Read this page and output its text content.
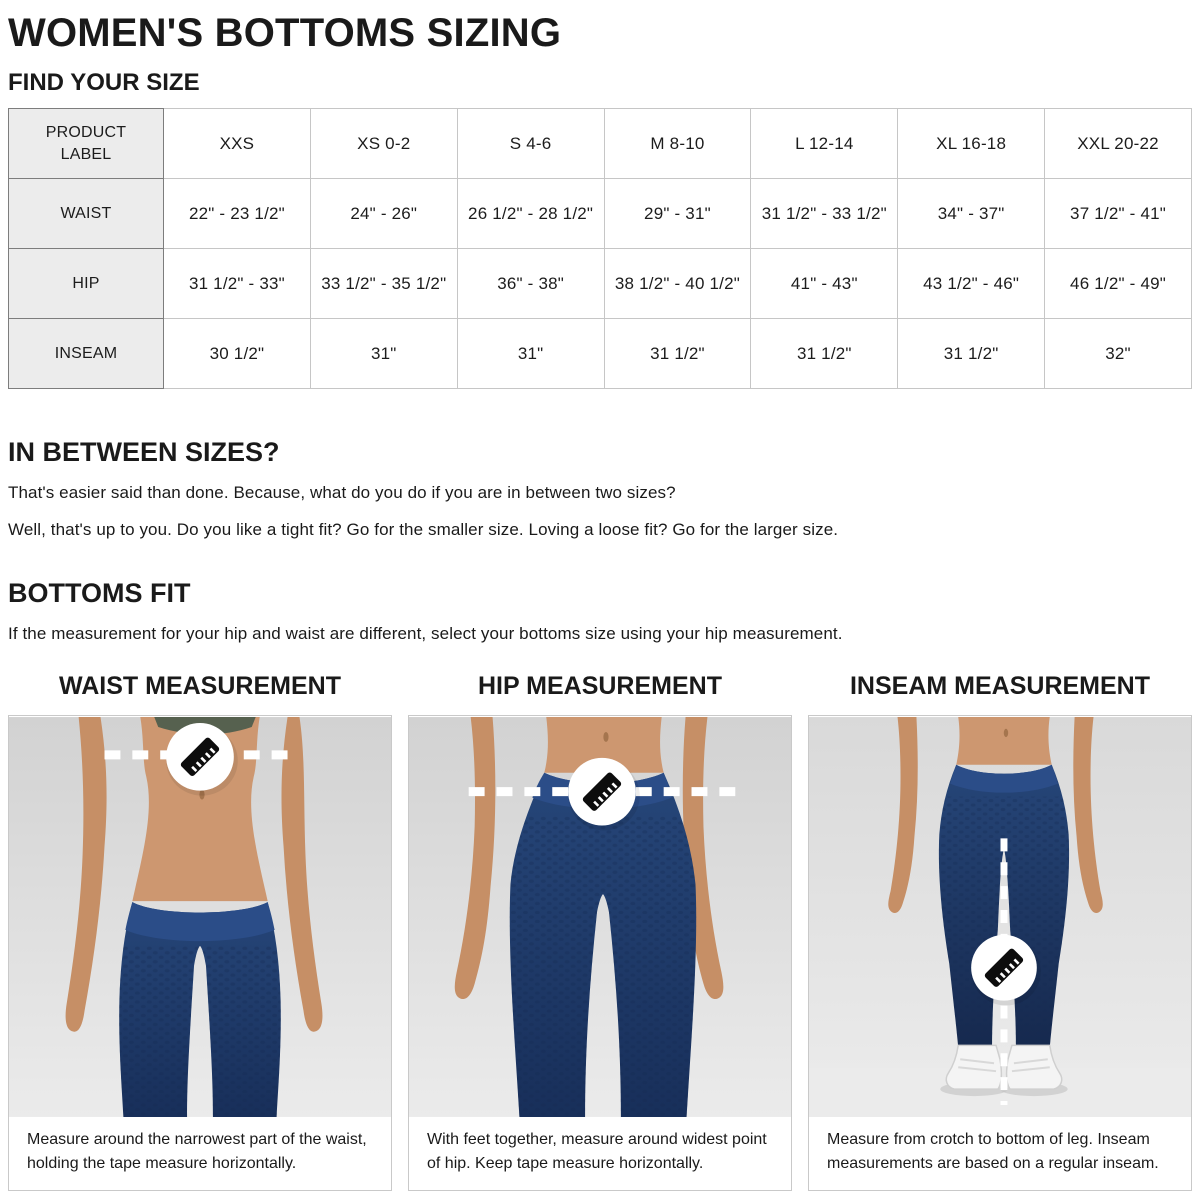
WOMEN'S BOTTOMS SIZING
FIND YOUR SIZE
PRODUCT LABEL	XXS	XS 0-2	S 4-6	M 8-10	L 12-14	XL 16-18	XXL 20-22
WAIST	22" - 23 1/2"	24" - 26"	26 1/2" - 28 1/2"	29" - 31"	31 1/2" - 33 1/2"	34" - 37"	37 1/2" - 41"
HIP	31 1/2" - 33"	33 1/2" - 35 1/2"	36" - 38"	38 1/2" - 40 1/2"	41" - 43"	43 1/2" - 46"	46 1/2" - 49"
INSEAM	30 1/2"	31"	31"	31 1/2"	31 1/2"	31 1/2"	32"
IN BETWEEN SIZES?

That's easier said than done. Because, what do you do if you are in between two sizes?

Well, that's up to you. Do you like a tight fit? Go for the smaller size. Loving a loose fit? Go for the larger size.

BOTTOMS FIT

If the measurement for your hip and waist are different, select your bottoms size using your hip measurement.

WAIST MEASUREMENT
Measure around the narrowest part of the waist, holding the tape measure horizontally.
HIP MEASUREMENT
With feet together, measure around widest point of hip. Keep tape measure horizontally.
INSEAM MEASUREMENT
Measure from crotch to bottom of leg. Inseam measurements are based on a regular inseam.
